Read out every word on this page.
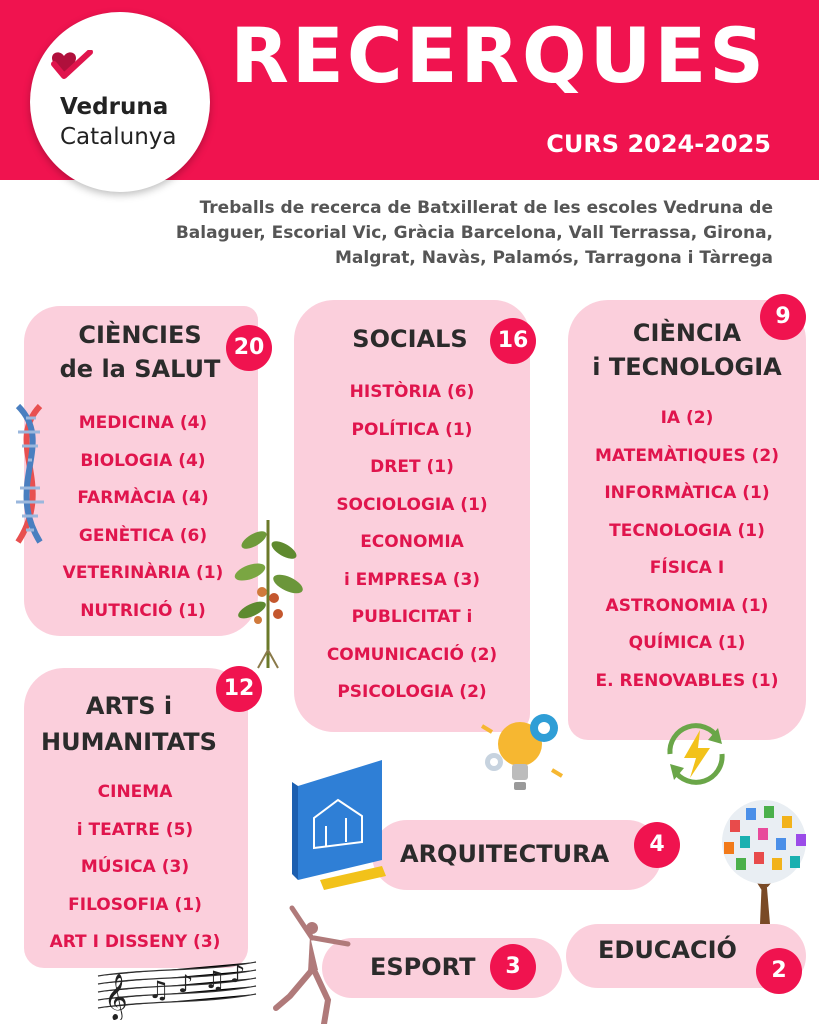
RECERQUES
CURS 2024-2025
Vedruna
Catalunya
Treballs de recerca de Batxillerat de les escoles Vedruna de
Balaguer, Escorial Vic, Gràcia Barcelona, Vall Terrassa, Girona,
Malgrat, Navàs, Palamós, Tarragona i Tàrrega
CIÈNCIES
de la SALUT
20
MEDICINA (4)
BIOLOGIA (4)
FARMÀCIA (4)
GENÈTICA (6)
VETERINÀRIA (1)
NUTRICIÓ (1)
SOCIALS	16
HISTÒRIA (6)
POLÍTICA (1)
DRET (1)
SOCIOLOGIA (1)
ECONOMIA
i EMPRESA (3)
PUBLICITAT i
COMUNICACIÓ (2)
PSICOLOGIA (2)
CIÈNCIA
i TECNOLOGIA
9
IA (2)
MATEMÀTIQUES (2)
INFORMÀTICA (1)
TECNOLOGIA (1)
FÍSICA I
ASTRONOMIA (1)
QUÍMICA (1)
E. RENOVABLES (1)
ARTS i
HUMANITATS
12
CINEMA
i TEATRE (5)
MÚSICA (3)
FILOSOFIA (1)
ART I DISSENY (3)
ARQUITECTURA	4
ESPORT	3
EDUCACIÓ
2
𝄞 ♫ ♪ ♫ ♪
